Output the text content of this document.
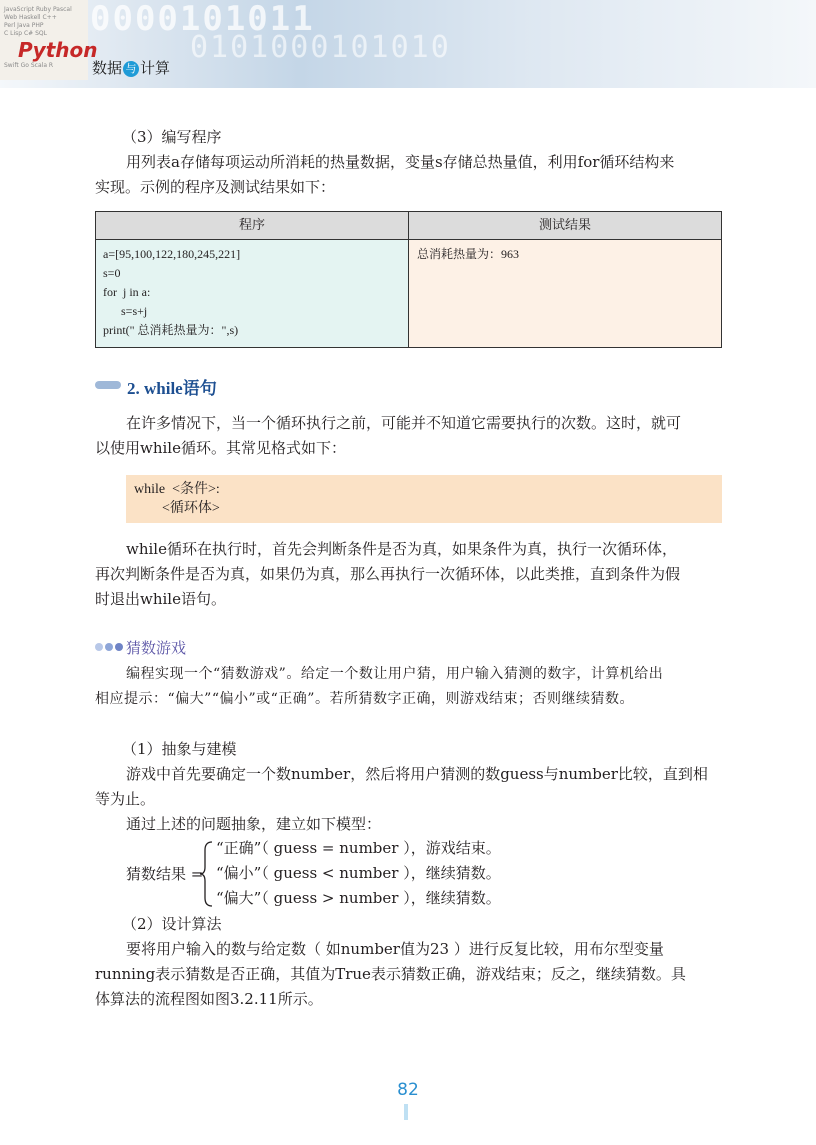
0000101011
0101000101010
JavaScript Ruby Pascal
Web Haskell C++
Perl Java PHP
C Lisp C# SQL
Swift Go Scala R
Python
数据 与 计算
（3）编写程序
用列表a存储每项运动所消耗的热量数据，变量s存储总热量值，利用for循环结构来
实现。示例的程序及测试结果如下：
程序	测试结果
a=[95,100,122,180,245,221]
s=0
for  j in a:
s=s+j
print(" 总消耗热量为：",s)
总消耗热量为：963
2. while语句
在许多情况下，当一个循环执行之前，可能并不知道它需要执行的次数。这时，就可
以使用while循环。其常见格式如下：
while  <条件>:
<循环体>
while循环在执行时，首先会判断条件是否为真，如果条件为真，执行一次循环体，
再次判断条件是否为真，如果仍为真，那么再执行一次循环体，以此类推，直到条件为假
时退出while语句。
猜数游戏
编程实现一个“猜数游戏”。给定一个数让用户猜，用户输入猜测的数字，计算机给出
相应提示：“偏大”“偏小”或“正确”。若所猜数字正确，则游戏结束；否则继续猜数。
（1）抽象与建模
游戏中首先要确定一个数number，然后将用户猜测的数guess与number比较，直到相
等为止。
通过上述的问题抽象，建立如下模型：
猜数结果 =
“正确”（ guess = number ），游戏结束。
“偏小”（ guess < number ），继续猜数。
“偏大”（ guess > number ），继续猜数。
（2）设计算法
要将用户输入的数与给定数（ 如number值为23 ）进行反复比较，用布尔型变量
running表示猜数是否正确，其值为True表示猜数正确，游戏结束；反之，继续猜数。具
体算法的流程图如图3.2.11所示。
82
